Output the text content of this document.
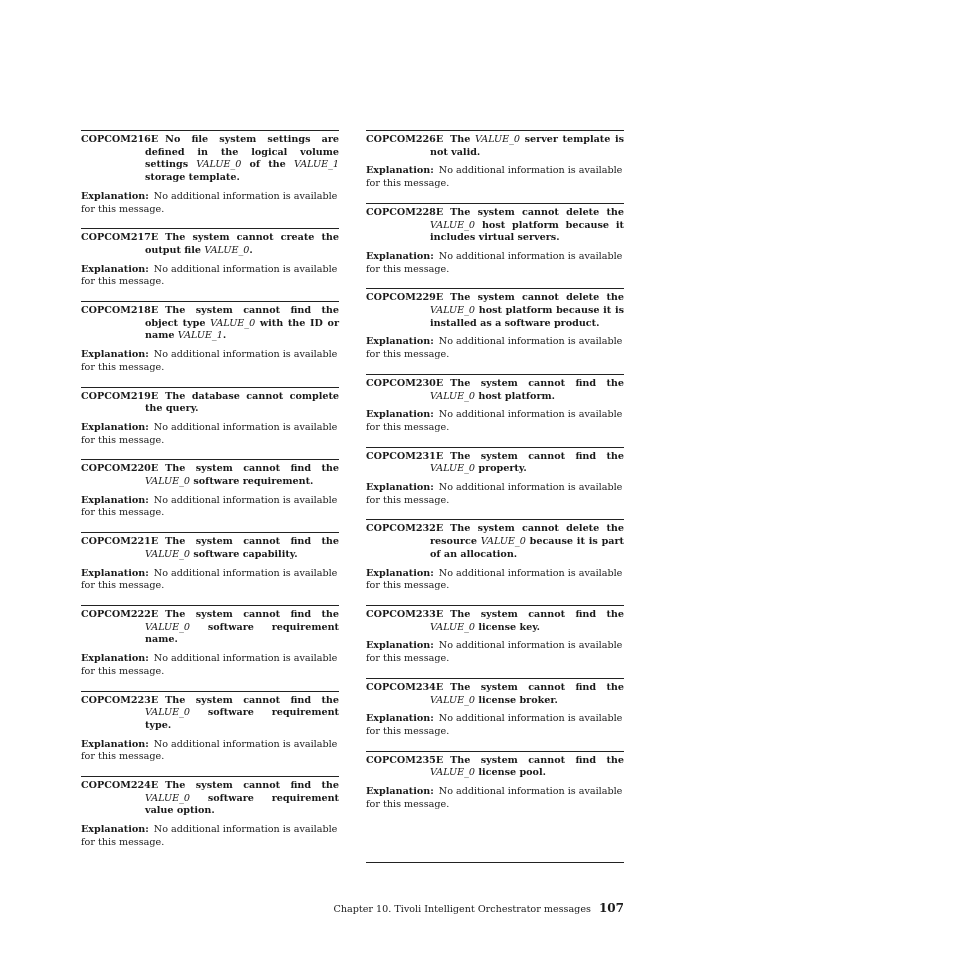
COPCOM216E No file system settings are defined in the logical volume settings VALUE_0 of the VALUE_1 storage template.
Explanation: No additional information is available for this message.
COPCOM217E The system cannot create the output file VALUE_0.
Explanation: No additional information is available for this message.
COPCOM218E The system cannot find the object type VALUE_0 with the ID or name VALUE_1.
Explanation: No additional information is available for this message.
COPCOM219E The database cannot complete the query.
Explanation: No additional information is available for this message.
COPCOM220E The system cannot find the VALUE_0 software requirement.
Explanation: No additional information is available for this message.
COPCOM221E The system cannot find the VALUE_0 software capability.
Explanation: No additional information is available for this message.
COPCOM222E The system cannot find the VALUE_0 software requirement name.
Explanation: No additional information is available for this message.
COPCOM223E The system cannot find the VALUE_0 software requirement type.
Explanation: No additional information is available for this message.
COPCOM224E The system cannot find the VALUE_0 software requirement value option.
Explanation: No additional information is available for this message.
COPCOM226E The VALUE_0 server template is not valid.
Explanation: No additional information is available for this message.
COPCOM228E The system cannot delete the VALUE_0 host platform because it includes virtual servers.
Explanation: No additional information is available for this message.
COPCOM229E The system cannot delete the VALUE_0 host platform because it is installed as a software product.
Explanation: No additional information is available for this message.
COPCOM230E The system cannot find the VALUE_0 host platform.
Explanation: No additional information is available for this message.
COPCOM231E The system cannot find the VALUE_0 property.
Explanation: No additional information is available for this message.
COPCOM232E The system cannot delete the resource VALUE_0 because it is part of an allocation.
Explanation: No additional information is available for this message.
COPCOM233E The system cannot find the VALUE_0 license key.
Explanation: No additional information is available for this message.
COPCOM234E The system cannot find the VALUE_0 license broker.
Explanation: No additional information is available for this message.
COPCOM235E The system cannot find the VALUE_0 license pool.
Explanation: No additional information is available for this message.
Chapter 10. Tivoli Intelligent Orchestrator messages 107
